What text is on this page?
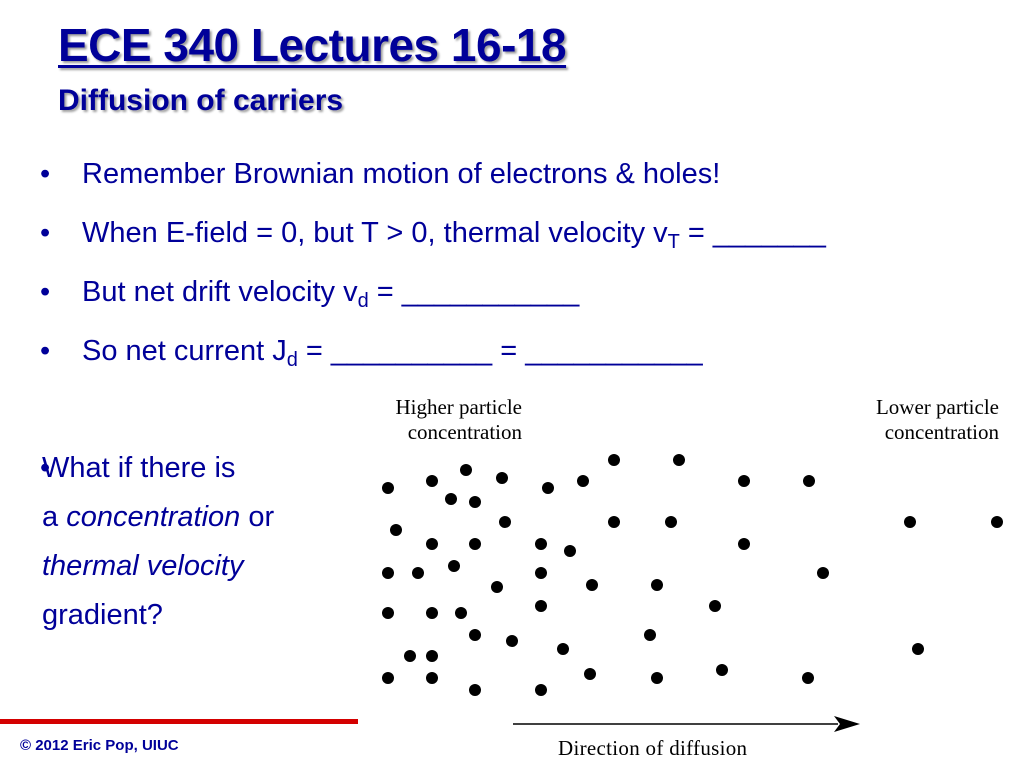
ECE 340 Lectures 16-18
Diffusion of carriers
• Remember Brownian motion of electrons & holes!
• When E-field = 0, but T > 0, thermal velocity $v_T$ = _______
• But net drift velocity $v_d$ = ___________
• So net current $J_d$ = __________ = ___________
• What if there is
a concentration or
thermal velocity
gradient?
Higher particle
concentration
Lower particle
concentration
Direction of diffusion
© 2012 Eric Pop, UIUC
